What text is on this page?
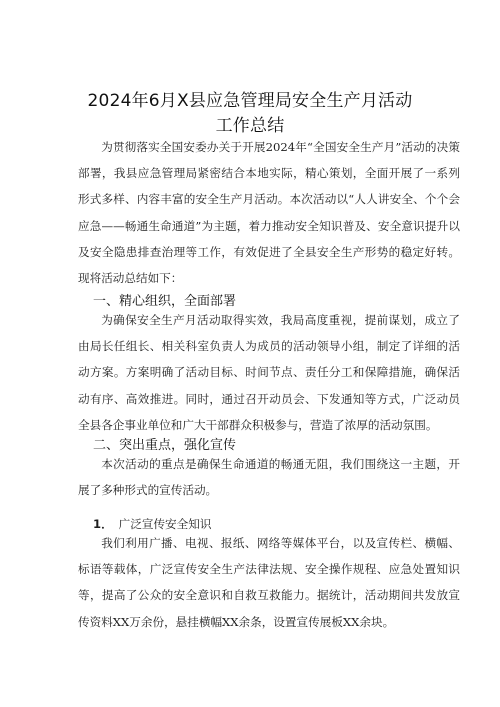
2024年6月X县应急管理局安全生产月活动
工作总结

为贯彻落实全国安委办关于开展2024年“全国安全生产月”活动的决策部署，我县应急管理局紧密结合本地实际，精心策划，全面开展了一系列形式多样、内容丰富的安全生产月活动。本次活动以“人人讲安全、个个会应急——畅通生命通道”为主题，着力推动安全知识普及、安全意识提升以及安全隐患排查治理等工作，有效促进了全县安全生产形势的稳定好转。现将活动总结如下：

一、精心组织，全面部署

为确保安全生产月活动取得实效，我局高度重视，提前谋划，成立了由局长任组长、相关科室负责人为成员的活动领导小组，制定了详细的活动方案。方案明确了活动目标、时间节点、责任分工和保障措施，确保活动有序、高效推进。同时，通过召开动员会、下发通知等方式，广泛动员全县各企事业单位和广大干部群众积极参与，营造了浓厚的活动氛围。

二、突出重点，强化宣传

本次活动的重点是确保生命通道的畅通无阻，我们围绕这一主题，开展了多种形式的宣传活动。

1． 广泛宣传安全知识

我们利用广播、电视、报纸、网络等媒体平台，以及宣传栏、横幅、标语等载体，广泛宣传安全生产法律法规、安全操作规程、应急处置知识等，提高了公众的安全意识和自救互救能力。据统计，活动期间共发放宣传资料XX万余份，悬挂横幅XX余条，设置宣传展板XX余块。
